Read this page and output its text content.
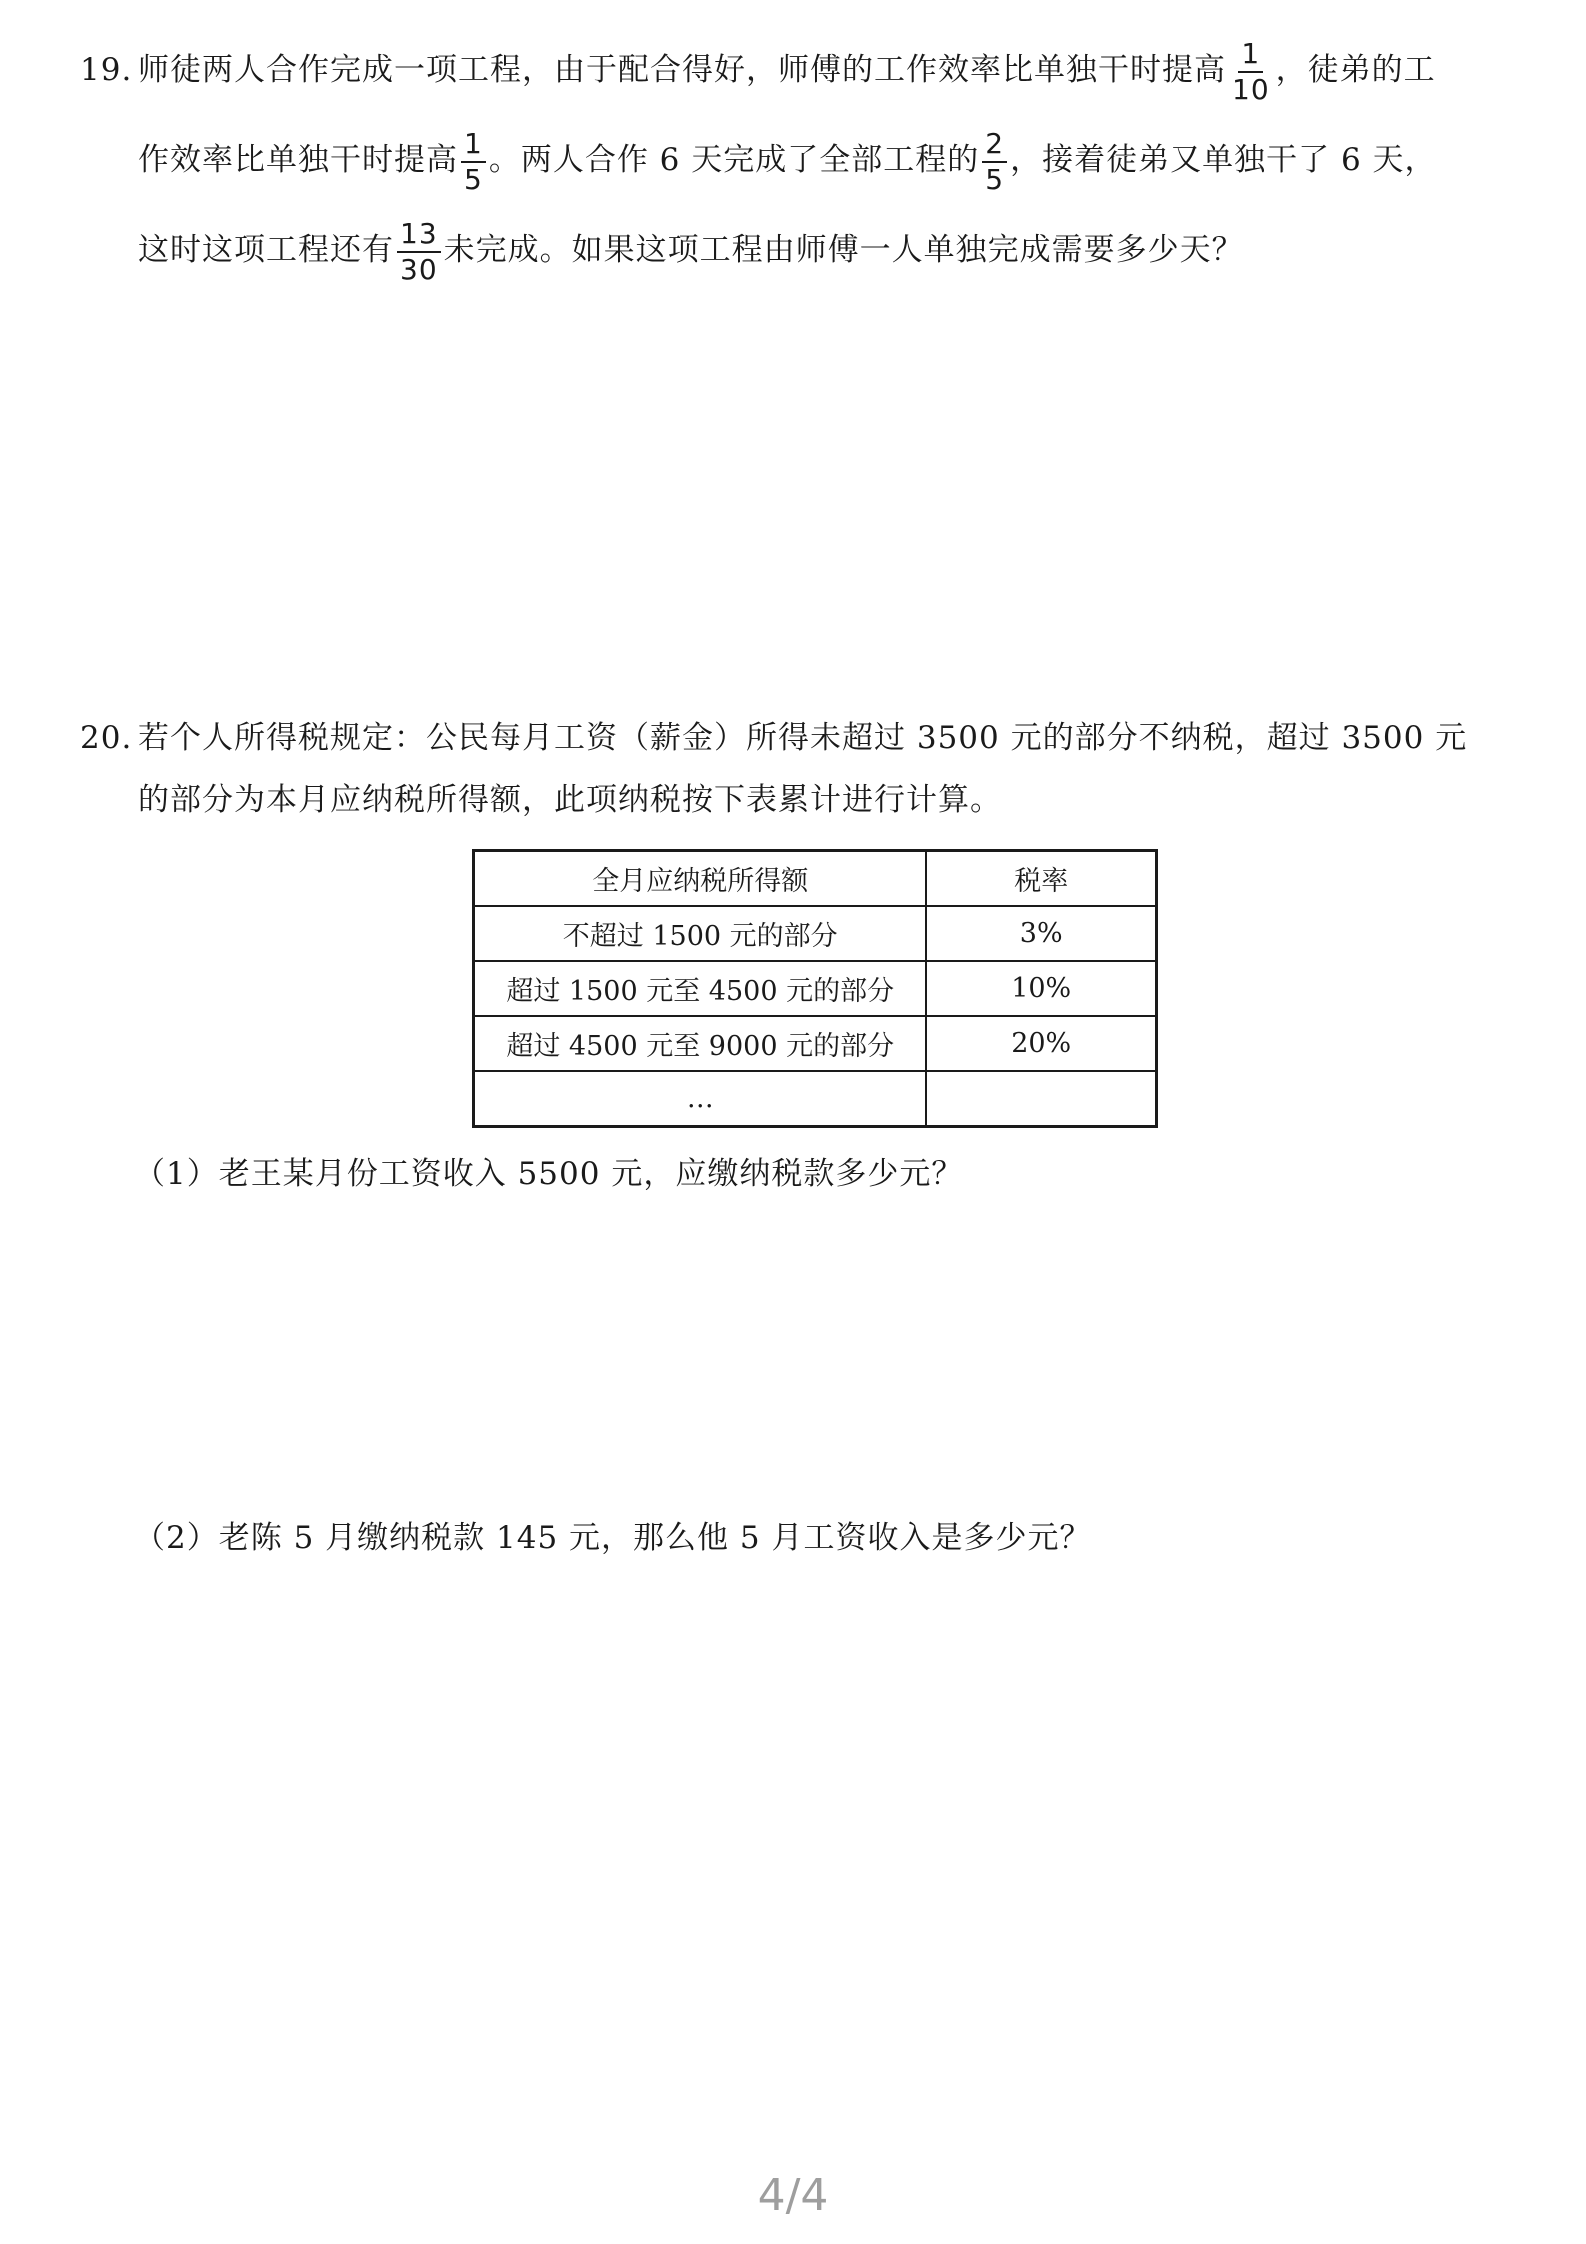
19. 师徒两人合作完成一项工程，由于配合得好，师傅的工作效率比单独干时提高 $\frac{1}{10}$ ，徒弟的工
作效率比单独干时提高 $\frac{1}{5}$ 。两人合作 6 天完成了全部工程的 $\frac{2}{5}$ ，接着徒弟又单独干了 6 天，
这时这项工程还有 $\frac{13}{30}$ 未完成。如果这项工程由师傅一人单独完成需要多少天？
20. 若个人所得税规定：公民每月工资（薪金）所得未超过 3500 元的部分不纳税，超过 3500 元
的部分为本月应纳税所得额，此项纳税按下表累计进行计算。
全月应纳税所得额	税率
不超过 1500 元的部分	3%
超过 1500 元至 4500 元的部分	10%
超过 4500 元至 9000 元的部分	20%
…	
（1）老王某月份工资收入 5500 元，应缴纳税款多少元？
（2）老陈 5 月缴纳税款 145 元，那么他 5 月工资收入是多少元？
4/4
